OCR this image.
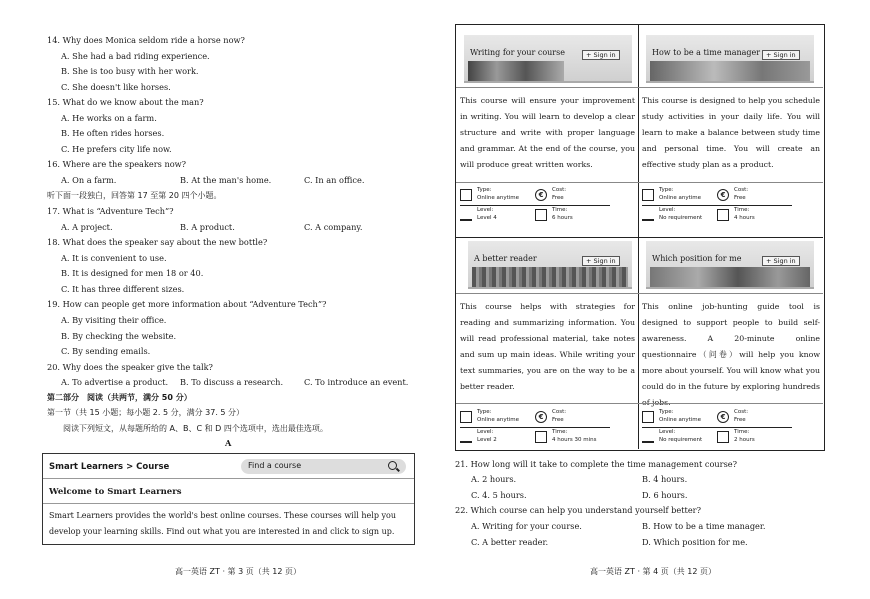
14. Why does Monica seldom ride a horse now?
A. She had a bad riding experience.
B. She is too busy with her work.
C. She doesn't like horses.
15. What do we know about the man?
A. He works on a farm.
B. He often rides horses.
C. He prefers city life now.
16. Where are the speakers now?
A. On a farm.	B. At the man's home.	C. In an office.
听下面一段独白，回答第 17 至第 20 四个小题。
17. What is “Adventure Tech”?
A. A project.	B. A product.	C. A company.
18. What does the speaker say about the new bottle?
A. It is convenient to use.
B. It is designed for men 18 or 40.
C. It has three different sizes.
19. How can people get more information about “Adventure Tech”?
A. By visiting their office.
B. By checking the website.
C. By sending emails.
20. Why does the speaker give the talk?
A. To advertise a product. B. To discuss a research.	C. To introduce an event.
第二部分　阅读（共两节，满分 50 分）
第一节（共 15 小题；每小题 2. 5 分，满分 37. 5 分）
阅读下列短文，从每题所给的 A、B、C 和 D 四个选项中，选出最佳选项。
A
Smart Learners > Course	Find a course
Welcome to Smart Learners
Smart Learners provides the world's best online courses. These courses will help you develop your learning skills. Find out what you are interested in and click to sign up.
高一英语 ZT · 第 3 页（共 12 页）
Writing for your course	+ Sign in
This course will ensure your improvement in writing. You will learn to develop a clear structure and write with proper language and grammar. At the end of the course, you will produce great written works.
How to be a time manager + Sign in
This course is designed to help you schedule study activities in your daily life. You will learn to make a balance between study time and personal time. You will create an effective study plan as a product.
Type:
Online anytime	€
Cost:
Free
Level:
Level 4
Time:
6 hours
Type:
Online anytime	€
Cost:
Free
Level:
No requirement
Time:
4 hours
A better reader	+ Sign in
This course helps with strategies for reading and summarizing information. You will read professional material, take notes and sum up main ideas. While writing your text summaries, you are on the way to be a better reader.
Which position for me	+ Sign in
This online job-hunting guide tool is designed to support people to build self-awareness. A 20-minute online questionnaire（问卷）will help you know more about yourself. You will know what you could do in the future by exploring hundreds of jobs.
Type:
Online anytime	€
Cost:
Free
Level:
Level 2
Time:
4 hours 30 mins
Type:
Online anytime	€
Cost:
Free
Level:
No requirement
Time:
2 hours
21. How long will it take to complete the time management course?
A. 2 hours.	B. 4 hours.
C. 4. 5 hours.	D. 6 hours.
22. Which course can help you understand yourself better?
A. Writing for your course.	B. How to be a time manager.
C. A better reader.	D. Which position for me.
高一英语 ZT · 第 4 页（共 12 页）
